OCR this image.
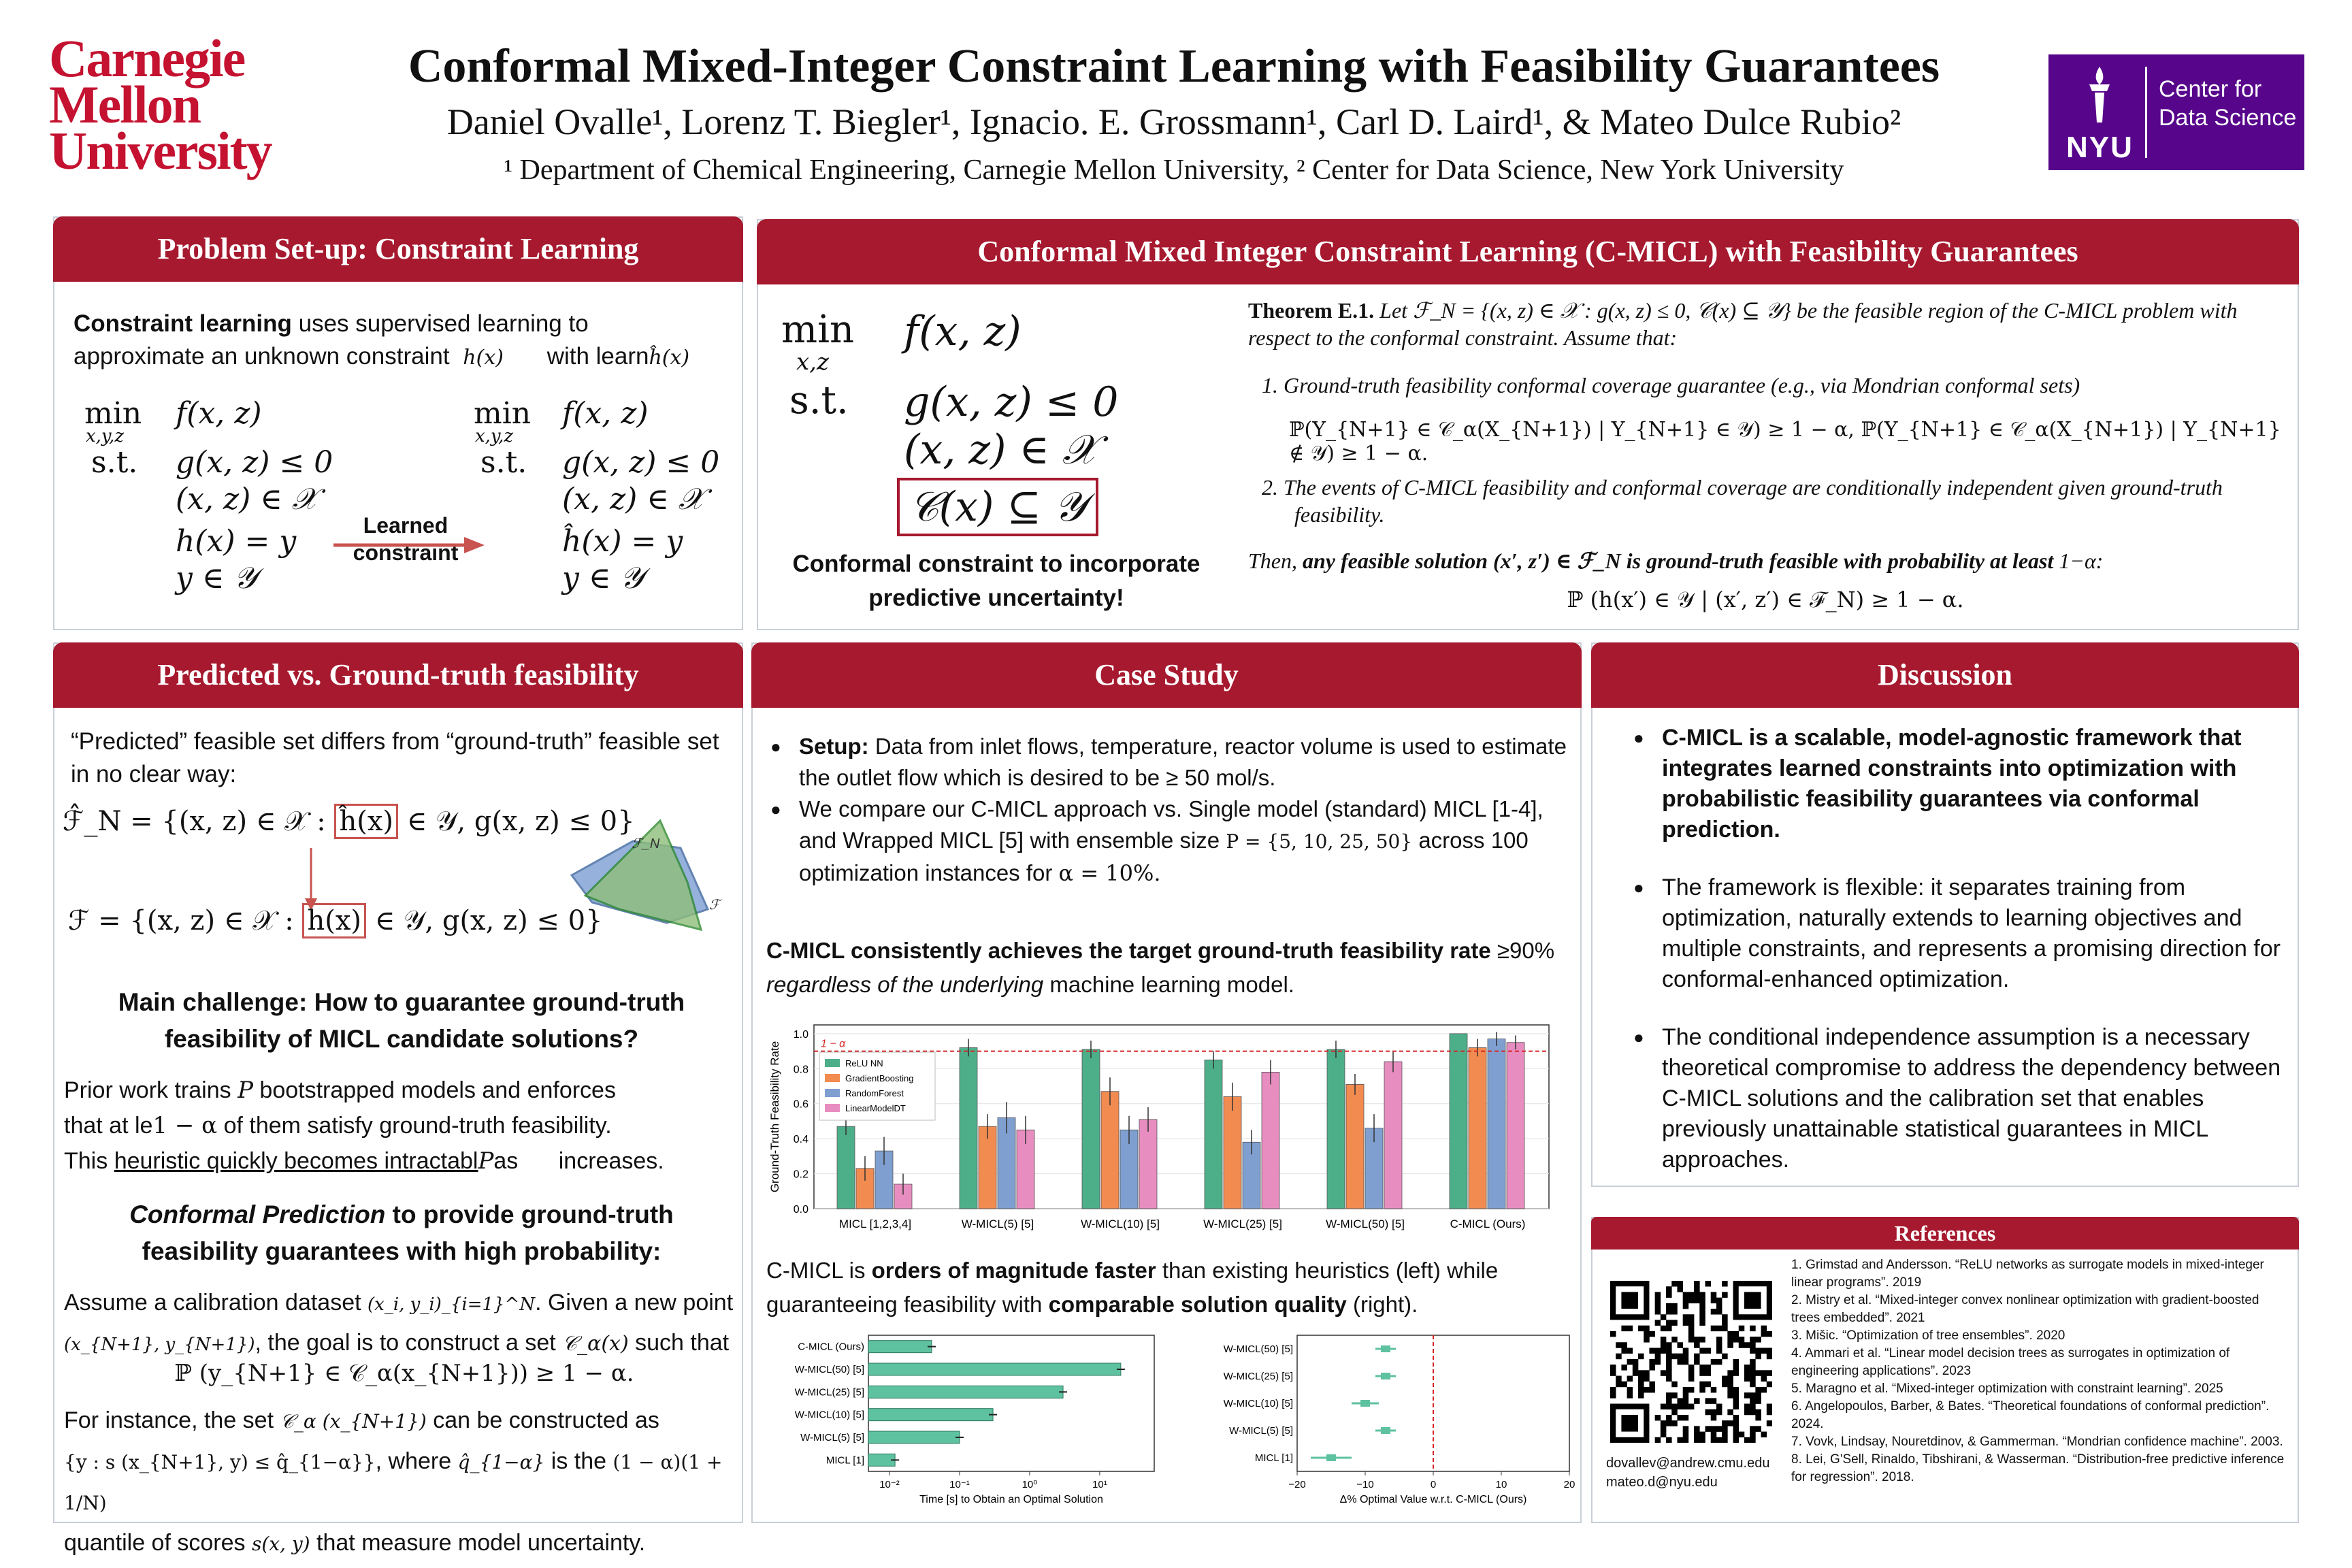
Carnegie
Mellon
University
Conformal Mixed-Integer Constraint Learning with Feasibility Guarantees
Daniel Ovalle¹, Lorenz T. Biegler¹, Ignacio. E. Grossmann¹, Carl D. Laird¹, & Mateo Dulce Rubio²
¹ Department of Chemical Engineering, Carnegie Mellon University, ² Center for Data Science, New York University
NYU
Center for
Data Science
Problem Set-up: Constraint Learning
Constraint learning uses supervised learning to
approximate an unknown constraint h(x) with learnĥ(x)
min
x,y,z
f(x, z)
s.t. g(x, z) ≤ 0
(x, z) ∈ 𝒳
h(x) = y
y ∈ 𝒴
Learned constraint
min
x,y,z
f(x, z)
s.t. g(x, z) ≤ 0
(x, z) ∈ 𝒳
ĥ(x) = y
y ∈ 𝒴
Conformal Mixed Integer Constraint Learning (C-MICL) with Feasibility Guarantees
min
x,z
f(x, z)
s.t. g(x, z) ≤ 0
(x, z) ∈ 𝒳
𝒞(x) ⊆ 𝒴
Conformal constraint to incorporate predictive uncertainty!
Theorem E.1. Let ℱ_N = {(x, z) ∈ 𝒳 : g(x, z) ≤ 0, 𝒞(x) ⊆ 𝒴} be the feasible region of the C-MICL problem with respect to the conformal constraint. Assume that:
1. Ground-truth feasibility conformal coverage guarantee (e.g., via Mondrian conformal sets)
ℙ(Y_{N+1} ∈ 𝒞_α(X_{N+1}) | Y_{N+1} ∈ 𝒴) ≥ 1 − α, ℙ(Y_{N+1} ∈ 𝒞_α(X_{N+1}) | Y_{N+1} ∉ 𝒴) ≥ 1 − α.
2. The events of C-MICL feasibility and conformal coverage are conditionally independent given ground-truth feasibility.
Then, any feasible solution (x′, z′) ∈ ℱ_N is ground-truth feasible with probability at least 1−α:
ℙ (h(x′) ∈ 𝒴 | (x′, z′) ∈ ℱ_N) ≥ 1 − α.
Predicted vs. Ground-truth feasibility
“Predicted” feasible set differs from “ground-truth” feasible set in no clear way:
ℱ̂_N = {(x, z) ∈ 𝒳 : ĥ(x) ∈ 𝒴, g(x, z) ≤ 0}
ℱ = {(x, z) ∈ 𝒳 : h(x) ∈ 𝒴, g(x, z) ≤ 0}
ℱ_N
ℱ
Main challenge: How to guarantee ground-truth feasibility of MICL candidate solutions?
Prior work trains P bootstrapped models and enforces
that at le1 − α of them satisfy ground-truth feasibility.
This heuristic quickly becomes intractablPas increases.
Conformal Prediction to provide ground-truth feasibility guarantees with high probability:
Assume a calibration dataset (x_i, y_i)_{i=1}^N. Given a new point
(x_{N+1}, y_{N+1}), the goal is to construct a set 𝒞_α(x) such that
ℙ (y_{N+1} ∈ 𝒞_α(x_{N+1})) ≥ 1 − α.
For instance, the set 𝒞_α (x_{N+1}) can be constructed as
{y : s (x_{N+1}, y) ≤ q̂_{1−α}}, where q̂_{1−α} is the (1 − α)(1 + 1/N)
quantile of scores s(x, y) that measure model uncertainty.
Case Study
● Setup: Data from inlet flows, temperature, reactor volume is used to estimate the outlet flow which is desired to be ≥ 50 mol/s.
● We compare our C-MICL approach vs. Single model (standard) MICL [1-4], and Wrapped MICL [5] with ensemble size P = {5, 10, 25, 50} across 100 optimization instances for α = 10%.
C-MICL consistently achieves the target ground-truth feasibility rate ≥90% regardless of the underlying machine learning model.
0.0
0.2
0.4
0.6
0.8
1.0
Ground-Truth Feasibility Rate
MICL [1,2,3,4]	W-MICL(5) [5]	W-MICL(10) [5]	W-MICL(25) [5]	W-MICL(50) [5]	C-MICL (Ours)
1 − α
ReLU NN
GradientBoosting
RandomForest
LinearModelDT
C-MICL is orders of magnitude faster than existing heuristics (left) while guaranteeing feasibility with comparable solution quality (right).
C-MICL (Ours)
W-MICL(50) [5]
W-MICL(25) [5]
W-MICL(10) [5]
W-MICL(5) [5]
MICL [1]
10⁻²	10⁻¹	10⁰	10¹
Time [s] to Obtain an Optimal Solution
W-MICL(50) [5]
W-MICL(25) [5]
W-MICL(10) [5]
W-MICL(5) [5]
MICL [1]
−20	−10	0	10	20
Δ% Optimal Value w.r.t. C-MICL (Ours)
Discussion
● C-MICL is a scalable, model-agnostic framework that integrates learned constraints into optimization with probabilistic feasibility guarantees via conformal prediction.
● The framework is flexible: it separates training from optimization, naturally extends to learning objectives and multiple constraints, and represents a promising direction for conformal-enhanced optimization.
● The conditional independence assumption is a necessary theoretical compromise to address the dependency between C-MICL solutions and the calibration set that enables previously unattainable statistical guarantees in MICL approaches.
References
dovallev@andrew.cmu.edu
mateo.d@nyu.edu
1. Grimstad and Andersson. “ReLU networks as surrogate models in mixed-integer linear programs”. 2019
2. Mistry et al. “Mixed-integer convex nonlinear optimization with gradient-boosted trees embedded”. 2021
3. Mišic. “Optimization of tree ensembles”. 2020
4. Ammari et al. “Linear model decision trees as surrogates in optimization of engineering applications”. 2023
5. Maragno et al. “Mixed-integer optimization with constraint learning”. 2025
6. Angelopoulos, Barber, & Bates. “Theoretical foundations of conformal prediction”. 2024.
7. Vovk, Lindsay, Nouretdinov, & Gammerman. “Mondrian confidence machine”. 2003.
8. Lei, G'Sell, Rinaldo, Tibshirani, & Wasserman. “Distribution-free predictive inference for regression”. 2018.
